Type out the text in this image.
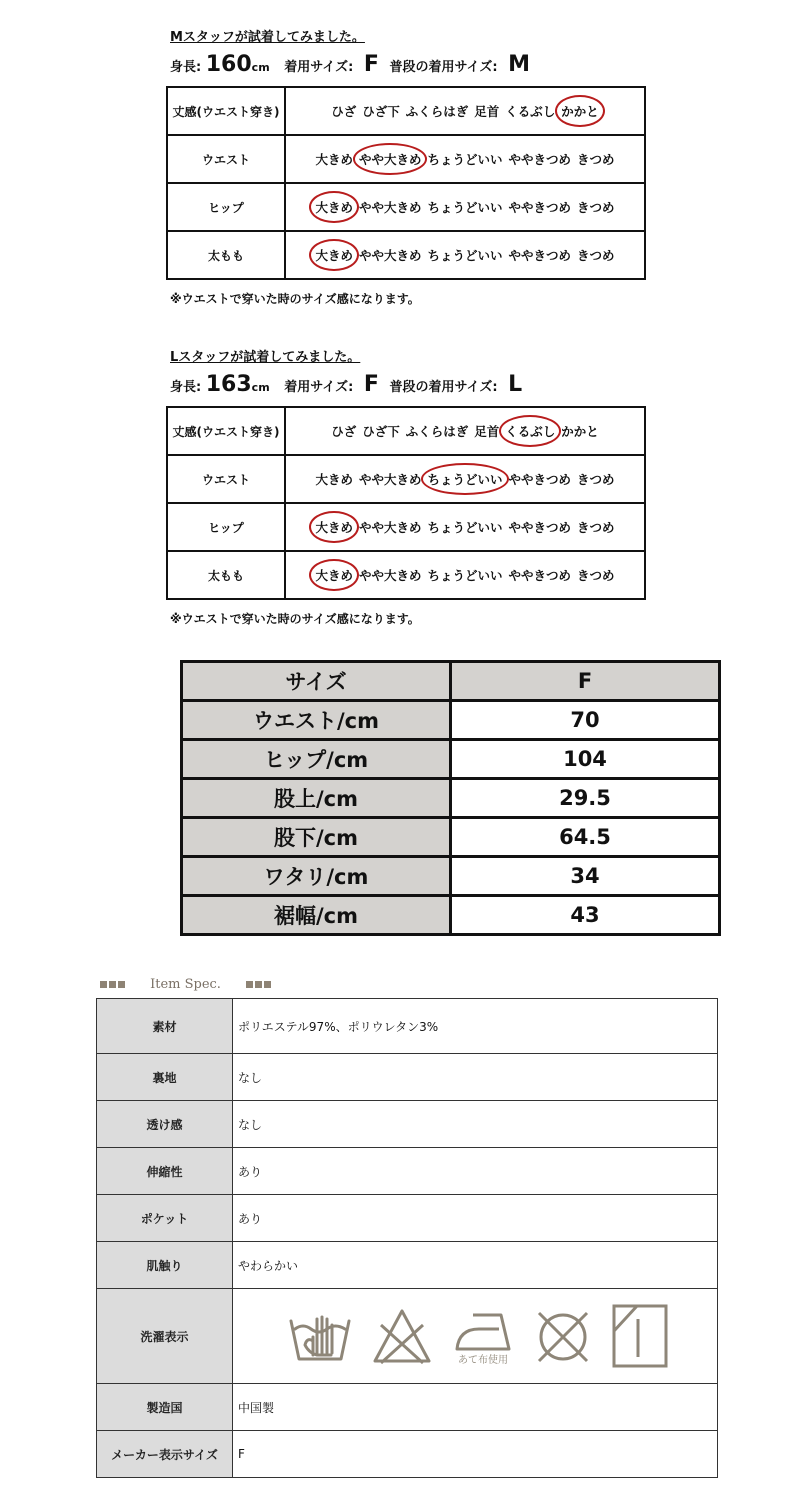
Mスタッフが試着してみました。
身長: 160cm 着用サイズ: F 普段の着用サイズ: M
丈感(ウエスト穿き)	ひざ ひざ下 ふくらはぎ 足首 くるぶし かかと
ウエスト	大きめ やや大きめ ちょうどいい ややきつめ きつめ
ヒップ	大きめ やや大きめ ちょうどいい ややきつめ きつめ
太もも	大きめ やや大きめ ちょうどいい ややきつめ きつめ
※ウエストで穿いた時のサイズ感になります。
Lスタッフが試着してみました。
身長: 163cm 着用サイズ: F 普段の着用サイズ: L
丈感(ウエスト穿き)	ひざ ひざ下 ふくらはぎ 足首 くるぶし かかと
ウエスト	大きめ やや大きめ ちょうどいい ややきつめ きつめ
ヒップ	大きめ やや大きめ ちょうどいい ややきつめ きつめ
太もも	大きめ やや大きめ ちょうどいい ややきつめ きつめ
※ウエストで穿いた時のサイズ感になります。
サイズ	F
ウエスト/cm	70
ヒップ/cm	104
股上/cm	29.5
股下/cm	64.5
ワタリ/cm	34
裾幅/cm	43
Item Spec.
素材	ポリエステル97%、ポリウレタン3%
裏地	なし
透け感	なし
伸縮性	あり
ポケット	あり
肌触り	やわらかい
洗濯表示	あて布使用

製造国	中国製
メーカー表示サイズ	F
